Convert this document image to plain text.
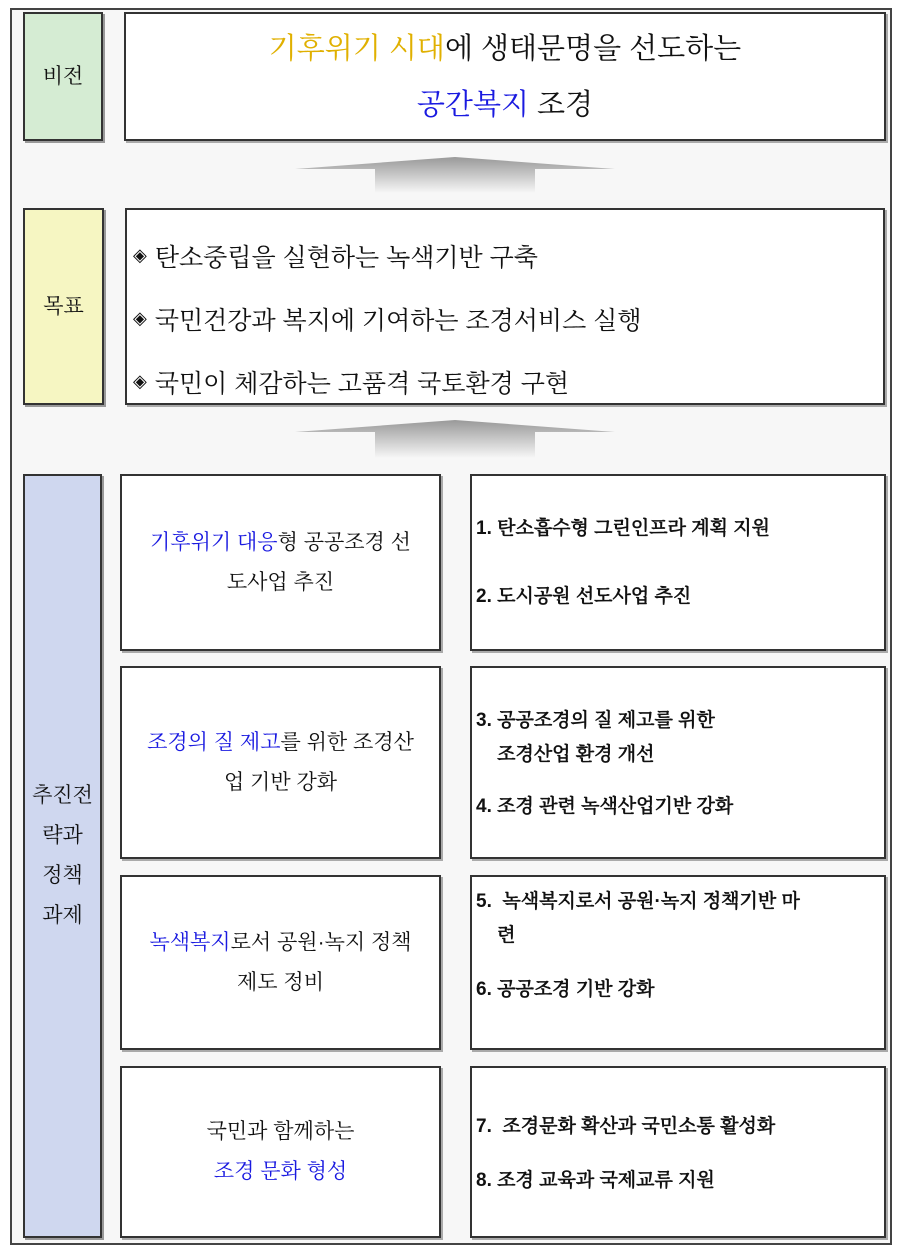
비전
기후위기 시대에 생태문명을 선도하는
공간복지 조경
목표
◈ 탄소중립을 실현하는 녹색기반 구축
◈ 국민건강과 복지에 기여하는 조경서비스 실행
◈ 국민이 체감하는 고품격 국토환경 구현
추진전
략과
정책
과제
기후위기 대응형 공공조경 선
도사업 추진
1. 탄소흡수형 그린인프라 계획 지원
2. 도시공원 선도사업 추진
조경의 질 제고를 위한 조경산
업 기반 강화

3. 공공조경의 질 제고를 위한

조경산업 환경 개선

4. 조경 관련 녹색산업기반 강화

녹색복지로서 공원·녹지 정책
제도 정비

5.  녹색복지로서 공원·녹지 정책기반 마

련

6. 공공조경 기반 강화

국민과 함께하는
조경 문화 형성

7.  조경문화 확산과 국민소통 활성화

8. 조경 교육과 국제교류 지원
